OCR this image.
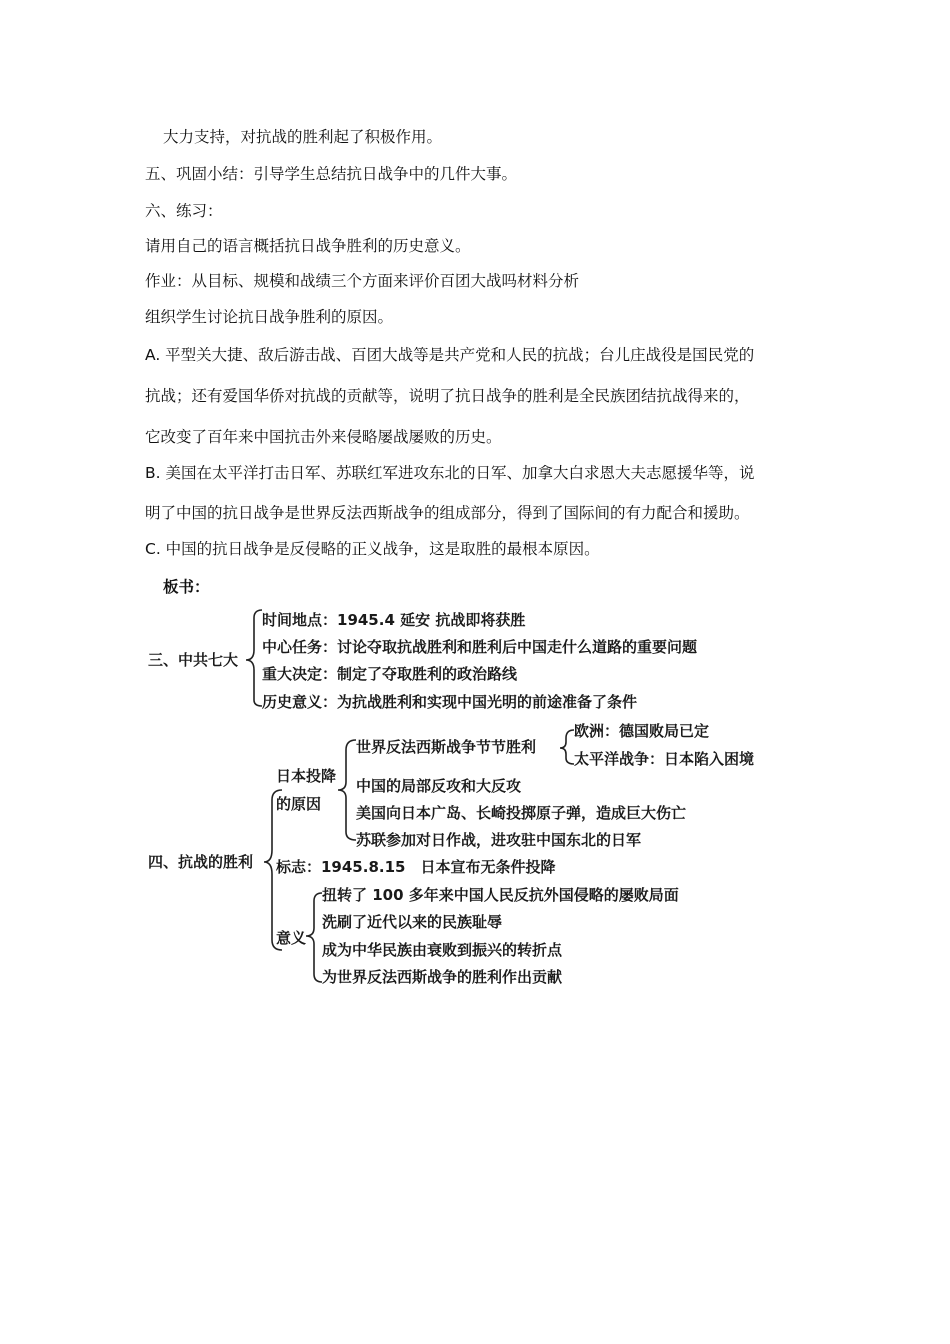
大力支持，对抗战的胜利起了积极作用。
五、巩固小结：引导学生总结抗日战争中的几件大事。
六、练习：
请用自己的语言概括抗日战争胜利的历史意义。
作业：从目标、规模和战绩三个方面来评价百团大战吗材料分析
组织学生讨论抗日战争胜利的原因。
A. 平型关大捷、敌后游击战、百团大战等是共产党和人民的抗战；台儿庄战役是国民党的
抗战；还有爱国华侨对抗战的贡献等，说明了抗日战争的胜利是全民族团结抗战得来的，
它改变了百年来中国抗击外来侵略屡战屡败的历史。
B. 美国在太平洋打击日军、苏联红军进攻东北的日军、加拿大白求恩大夫志愿援华等，说
明了中国的抗日战争是世界反法西斯战争的组成部分，得到了国际间的有力配合和援助。
C. 中国的抗日战争是反侵略的正义战争，这是取胜的最根本原因。
板书：
三、中共七大
时间地点：1945.4 延安 抗战即将获胜
中心任务：讨论夺取抗战胜利和胜利后中国走什么道路的重要问题
重大决定：制定了夺取胜利的政治路线
历史意义：为抗战胜利和实现中国光明的前途准备了条件
四、抗战的胜利
日本投降
的原因
世界反法西斯战争节节胜利
欧洲：德国败局已定
太平洋战争：日本陷入困境
中国的局部反攻和大反攻
美国向日本广岛、长崎投掷原子弹，造成巨大伤亡
苏联参加对日作战，进攻驻中国东北的日军
标志：1945.8.15　日本宣布无条件投降
意义
扭转了 100 多年来中国人民反抗外国侵略的屡败局面
洗刷了近代以来的民族耻辱
成为中华民族由衰败到振兴的转折点
为世界反法西斯战争的胜利作出贡献
